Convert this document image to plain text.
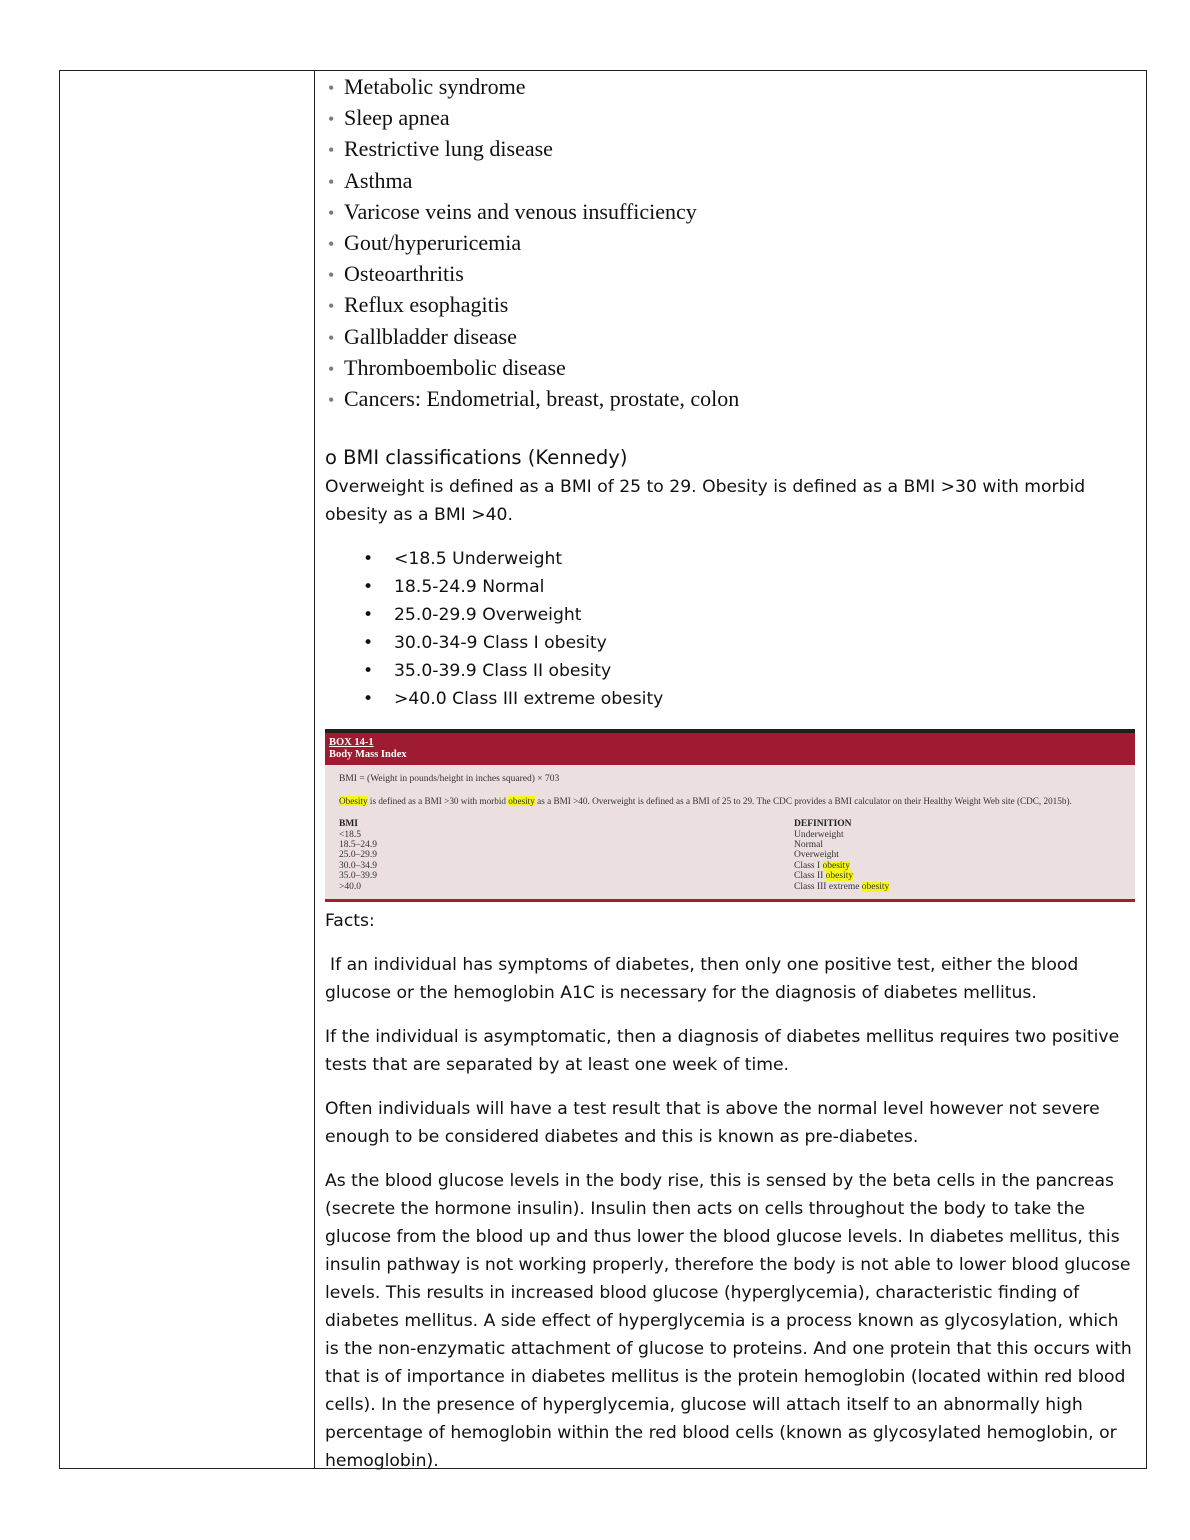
• Metabolic syndrome
• Sleep apnea
• Restrictive lung disease
• Asthma
• Varicose veins and venous insufficiency
• Gout/hyperuricemia
• Osteoarthritis
• Reflux esophagitis
• Gallbladder disease
• Thromboembolic disease
• Cancers: Endometrial, breast, prostate, colon
o BMI classifications (Kennedy)
Overweight is defined as a BMI of 25 to 29. Obesity is defined as a BMI >30 with morbid obesity as a BMI >40.
• <18.5 Underweight
• 18.5-24.9 Normal
• 25.0-29.9 Overweight
• 30.0-34-9 Class I obesity
• 35.0-39.9 Class II obesity
• >40.0 Class III extreme obesity
BOX 14-1
Body Mass Index
BMI = (Weight in pounds/height in inches squared) × 703
Obesity is defined as a BMI >30 with morbid obesity as a BMI >40. Overweight is defined as a BMI of 25 to 29. The CDC provides a BMI calculator on their Healthy Weight Web site (CDC, 2015b).
BMI	DEFINITION
<18.5	Underweight
18.5–24.9	Normal
25.0–29.9	Overweight
30.0–34.9	Class I obesity
35.0–39.9	Class II obesity
>40.0	Class III extreme obesity
Facts:

If an individual has symptoms of diabetes, then only one positive test, either the blood glucose or the hemoglobin A1C is necessary for the diagnosis of diabetes mellitus.

If the individual is asymptomatic, then a diagnosis of diabetes mellitus requires two positive tests that are separated by at least one week of time.

Often individuals will have a test result that is above the normal level however not severe enough to be considered diabetes and this is known as pre-diabetes.

As the blood glucose levels in the body rise, this is sensed by the beta cells in the pancreas (secrete the hormone insulin). Insulin then acts on cells throughout the body to take the glucose from the blood up and thus lower the blood glucose levels. In diabetes mellitus, this insulin pathway is not working properly, therefore the body is not able to lower blood glucose levels. This results in increased blood glucose (hyperglycemia), characteristic finding of diabetes mellitus. A side effect of hyperglycemia is a process known as glycosylation, which is the non-enzymatic attachment of glucose to proteins. And one protein that this occurs with that is of importance in diabetes mellitus is the protein hemoglobin (located within red blood cells). In the presence of hyperglycemia, glucose will attach itself to an abnormally high percentage of hemoglobin within the red blood cells (known as glycosylated hemoglobin, or hemoglobin).
